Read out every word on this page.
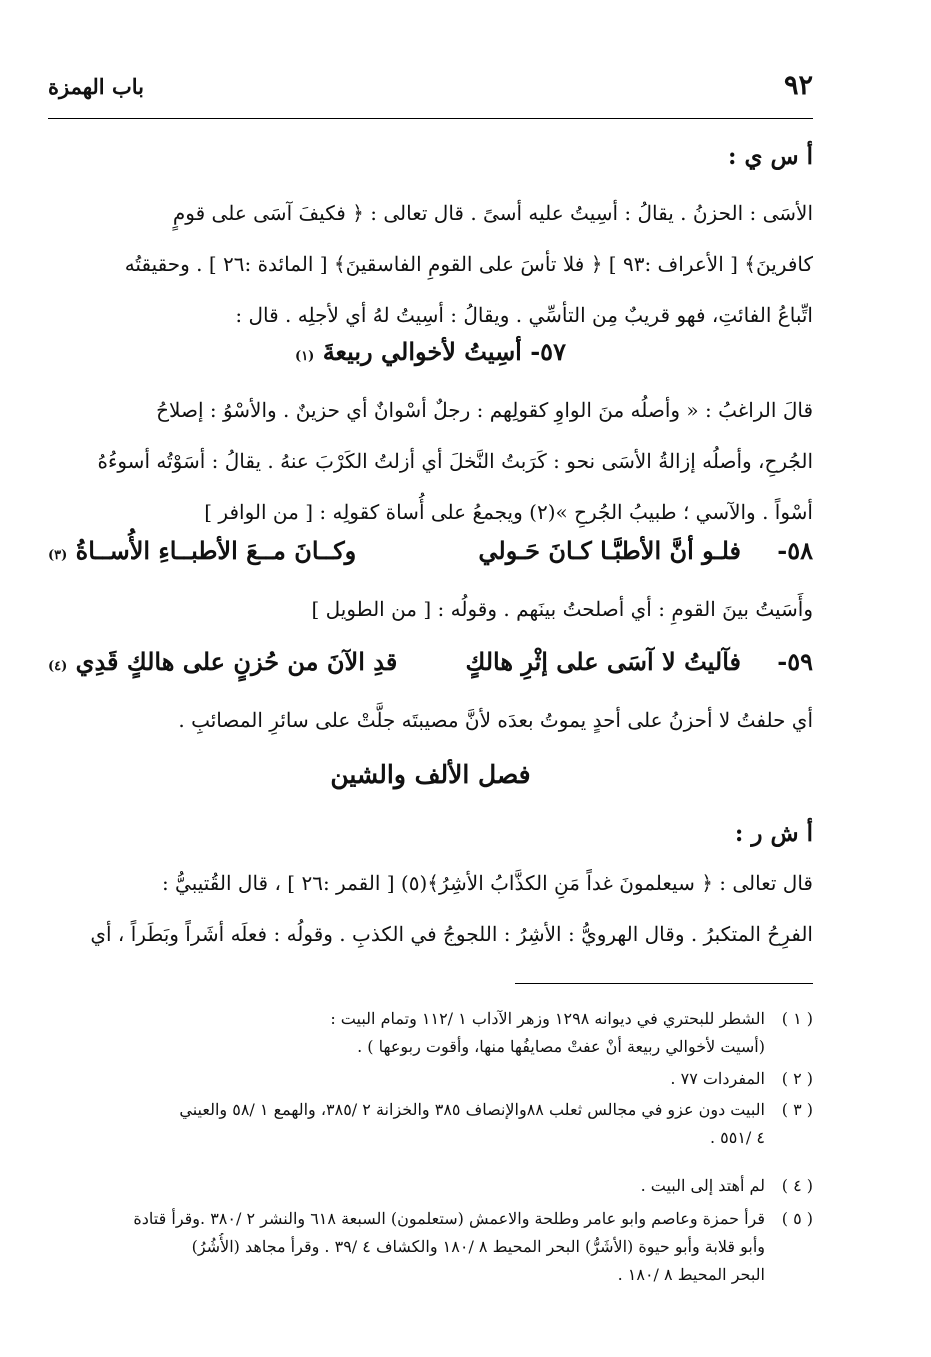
٩٢
باب الهمزة
أ س ي :
الأسَى : الحزنُ . يقالُ : أسِيتُ عليه أسىً . قال تعالى : ﴿ فكيفَ آسَى على قومٍ
كافرينَ﴾ [ الأعراف :٩٣ ] ﴿ فلا تأسَ على القومِ الفاسقينَ﴾ [ المائدة :٢٦ ] . وحقيقتُه
اتِّباعُ الفائتِ، فهو قريبٌ مِن التأسِّي . ويقالُ : أسِيتُ لهُ أي لأجلِه . قال :
٥٧- أسِيتُ لأخوالي ربيعةَ (١)
قالَ الراغبُ : « وأصلُه منَ الواوِ كقولِهم : رجلٌ أسْوانٌ أي حزينٌ . والأسْوُ : إصلاحُ
الجُرحِ، وأصلُه إزالةُ الأسَى نحو : كَرَبتُ النَّخلَ أي أزلتُ الكَرْبَ عنهُ . يقالُ : أسَوْتُه أسوءُهُ
أسْواً . والآسي ؛ طبيبُ الجُرحِ »(٢) ويجمعُ على أُساة كقولِه : [ من الوافر ]
٥٨-
فلـو أنَّ الأطبَّـا كـانَ حَـولي
وكــانَ مــعَ الأطبــاءِ الأُســاةُ (٣)
وأَسَيتُ بينَ القومِ : أي أصلحتُ بينَهم . وقولُه : [ من الطويل ]
٥٩-
فآليتُ لا آسَى على إثْرِ هالكٍ
قدِ الآنَ من حُزنٍ على هالكٍ قَدِي (٤)
أي حلفتُ لا أحزنُ على أحدٍ يموتُ بعدَه لأنَّ مصيبتَه جلَّتْ على سائرِ المصائبِ .
فصل الألف والشين
أ ش ر :
قال تعالى : ﴿ سيعلمونَ غداً مَنِ الكذَّابُ الأشِرُ﴾(٥) [ القمر :٢٦ ] ، قال القُتيبيُّ :
الفرِحُ المتكبرُ . وقال الهرويُّ : الأشِرُ : اللجوجُ في الكذبِ . وقولُه : فعلَه أشَراً وبَطَراً ، أي
( ١ )
الشطر للبحتري في ديوانه ١٢٩٨ وزهر الآداب ١ /١١٢ وتمام البيت :
(أسيت لأخوالي ربيعة أنْ عفتْ مصايفُها منها، وأقوت ربوعها ) .
( ٢ )
المفردات ٧٧ .
( ٣ )
البيت دون عزو في مجالس ثعلب ٨٨والإنصاف ٣٨٥ والخزانة ٢ /٣٨٥، والهمع ١ /٥٨ والعيني
٤ /٥٥١ .
( ٤ )
لم أهتد إلى البيت .
( ٥ )
قرأ حمزة وعاصم وابو عامر وطلحة والاعمش (ستعلمون) السبعة ٦١٨ والنشر ٢ /٣٨٠ .وقرأ قتادة
وأبو قلابة وأبو حيوة (الأشَرُّ) البحر المحيط ٨ /١٨٠ والكشاف ٤ /٣٩ . وقرأ مجاهد (الأُشُرُ)
البحر المحيط ٨ /١٨٠ .
